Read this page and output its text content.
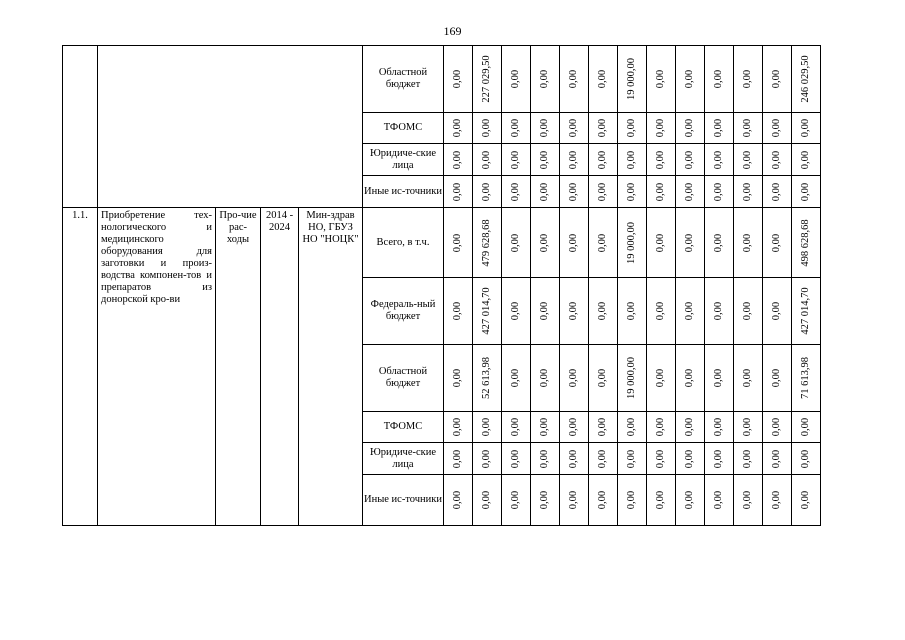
169
					Областной бюджет	0,00	227 029,50	0,00	0,00	0,00	0,00	19 000,00	0,00	0,00	0,00	0,00	0,00	246 029,50

					ТФОМС	0,00	0,00	0,00	0,00	0,00	0,00	0,00	0,00	0,00	0,00	0,00	0,00	0,00

					Юридиче-ские лица	0,00	0,00	0,00	0,00	0,00	0,00	0,00	0,00	0,00	0,00	0,00	0,00	0,00

					Иные ис-точники	0,00	0,00	0,00	0,00	0,00	0,00	0,00	0,00	0,00	0,00	0,00	0,00	0,00

1.1.	Приобретение тех-нологического и медицинского оборудования для заготовки и произ-водства компонен-тов и препаратов из донорской кро-ви	Про-чие рас-ходы	2014 - 2024	Мин-здрав НО, ГБУЗ НО "НОЦК"	Всего, в т.ч.	0,00	479 628,68	0,00	0,00	0,00	0,00	19 000,00	0,00	0,00	0,00	0,00	0,00	498 628,68

					Федераль-ный бюджет	0,00	427 014,70	0,00	0,00	0,00	0,00	0,00	0,00	0,00	0,00	0,00	0,00	427 014,70

					Областной бюджет	0,00	52 613,98	0,00	0,00	0,00	0,00	19 000,00	0,00	0,00	0,00	0,00	0,00	71 613,98

					ТФОМС	0,00	0,00	0,00	0,00	0,00	0,00	0,00	0,00	0,00	0,00	0,00	0,00	0,00

					Юридиче-ские лица	0,00	0,00	0,00	0,00	0,00	0,00	0,00	0,00	0,00	0,00	0,00	0,00	0,00

					Иные ис-точники	0,00	0,00	0,00	0,00	0,00	0,00	0,00	0,00	0,00	0,00	0,00	0,00	0,00
